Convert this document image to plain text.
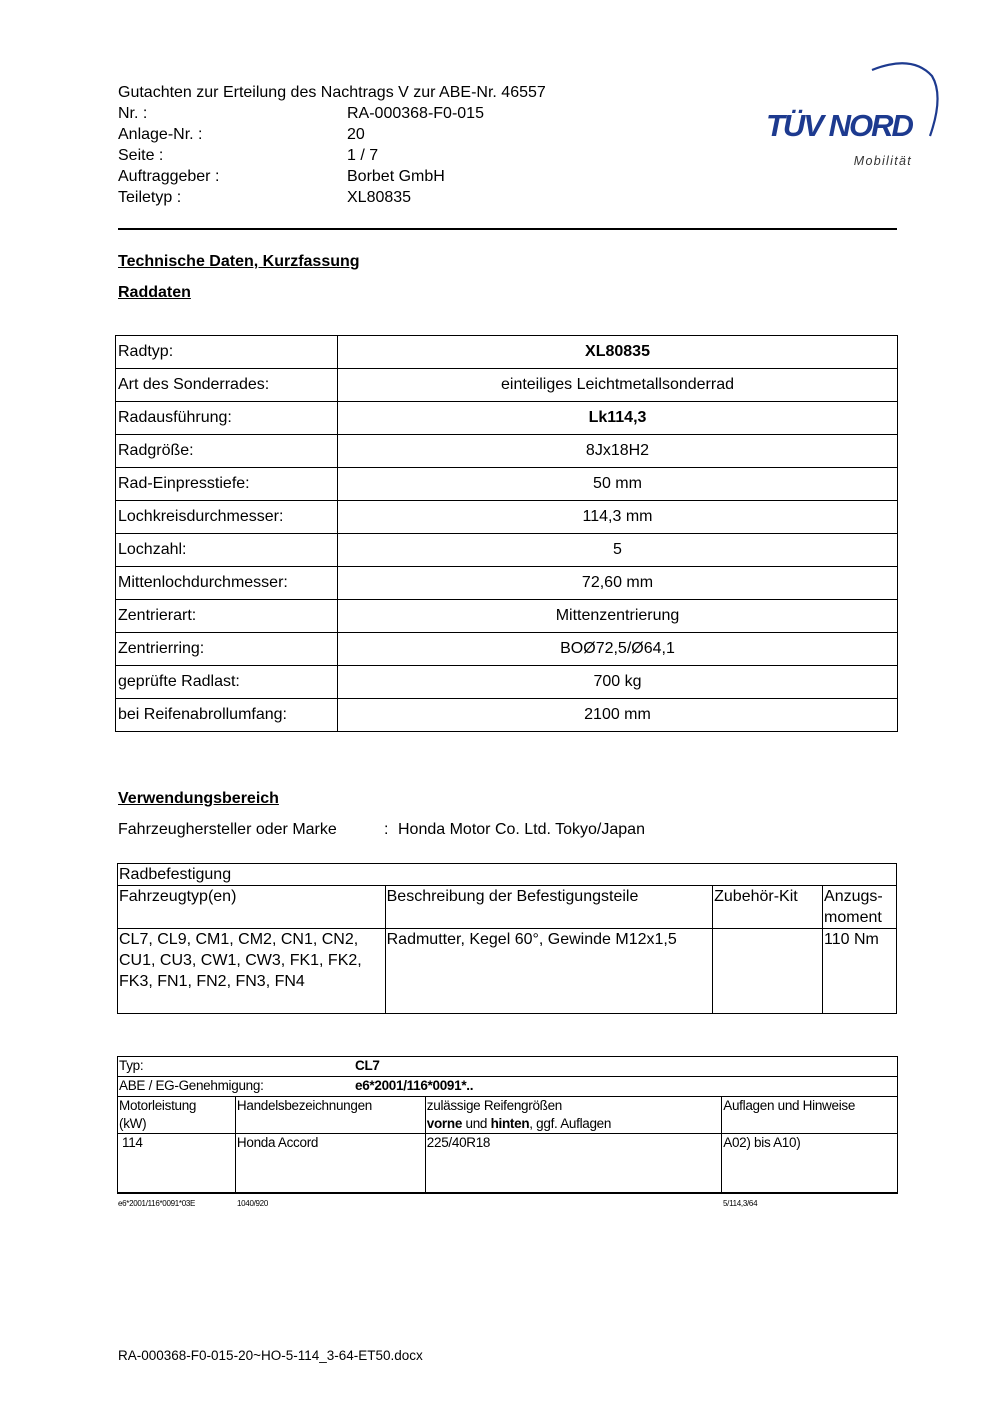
Gutachten zur Erteilung des Nachtrags V zur ABE-Nr. 46557
Nr. :	RA-000368-F0-015
Anlage-Nr. :	20
Seite :	1 / 7
Auftraggeber :	Borbet GmbH
Teiletyp :	XL80835
TÜV NORD
Mobilität
Technische Daten, Kurzfassung
Raddaten
Radtyp:	XL80835
Art des Sonderrades:	einteiliges Leichtmetallsonderrad
Radausführung:	Lk114,3
Radgröße:	8Jx18H2
Rad-Einpresstiefe:	50 mm
Lochkreisdurchmesser:	114,3 mm
Lochzahl:	5
Mittenlochdurchmesser:	72,60 mm
Zentrierart:	Mittenzentrierung
Zentrierring:	BOØ72,5/Ø64,1
geprüfte Radlast:	700 kg
bei Reifenabrollumfang:	2100 mm
Verwendungsbereich
Fahrzeughersteller oder Marke	: Honda Motor Co. Ltd. Tokyo/Japan
Radbefestigung			
Fahrzeugtyp(en)	Beschreibung der Befestigungsteile	Zubehör-Kit	Anzugs-
moment
CL7, CL9, CM1, CM2, CN1, CN2, CU1, CU3, CW1, CW3, FK1, FK2, FK3, FN1, FN2, FN3, FN4	Radmutter, Kegel 60°, Gewinde M12x1,5		110 Nm
Typ: CL7			
ABE / EG-Genehmigung: e6*2001/116*0091*..			
Motorleistung
(kW)	Handelsbezeichnungen	zulässige Reifengrößen
vorne und hinten, ggf. Auflagen	Auflagen und Hinweise
114	Honda Accord	225/40R18	A02) bis A10)
e6*2001/116*0091*03E	1040/920	5/114,3/64
RA-000368-F0-015-20~HO-5-114_3-64-ET50.docx
